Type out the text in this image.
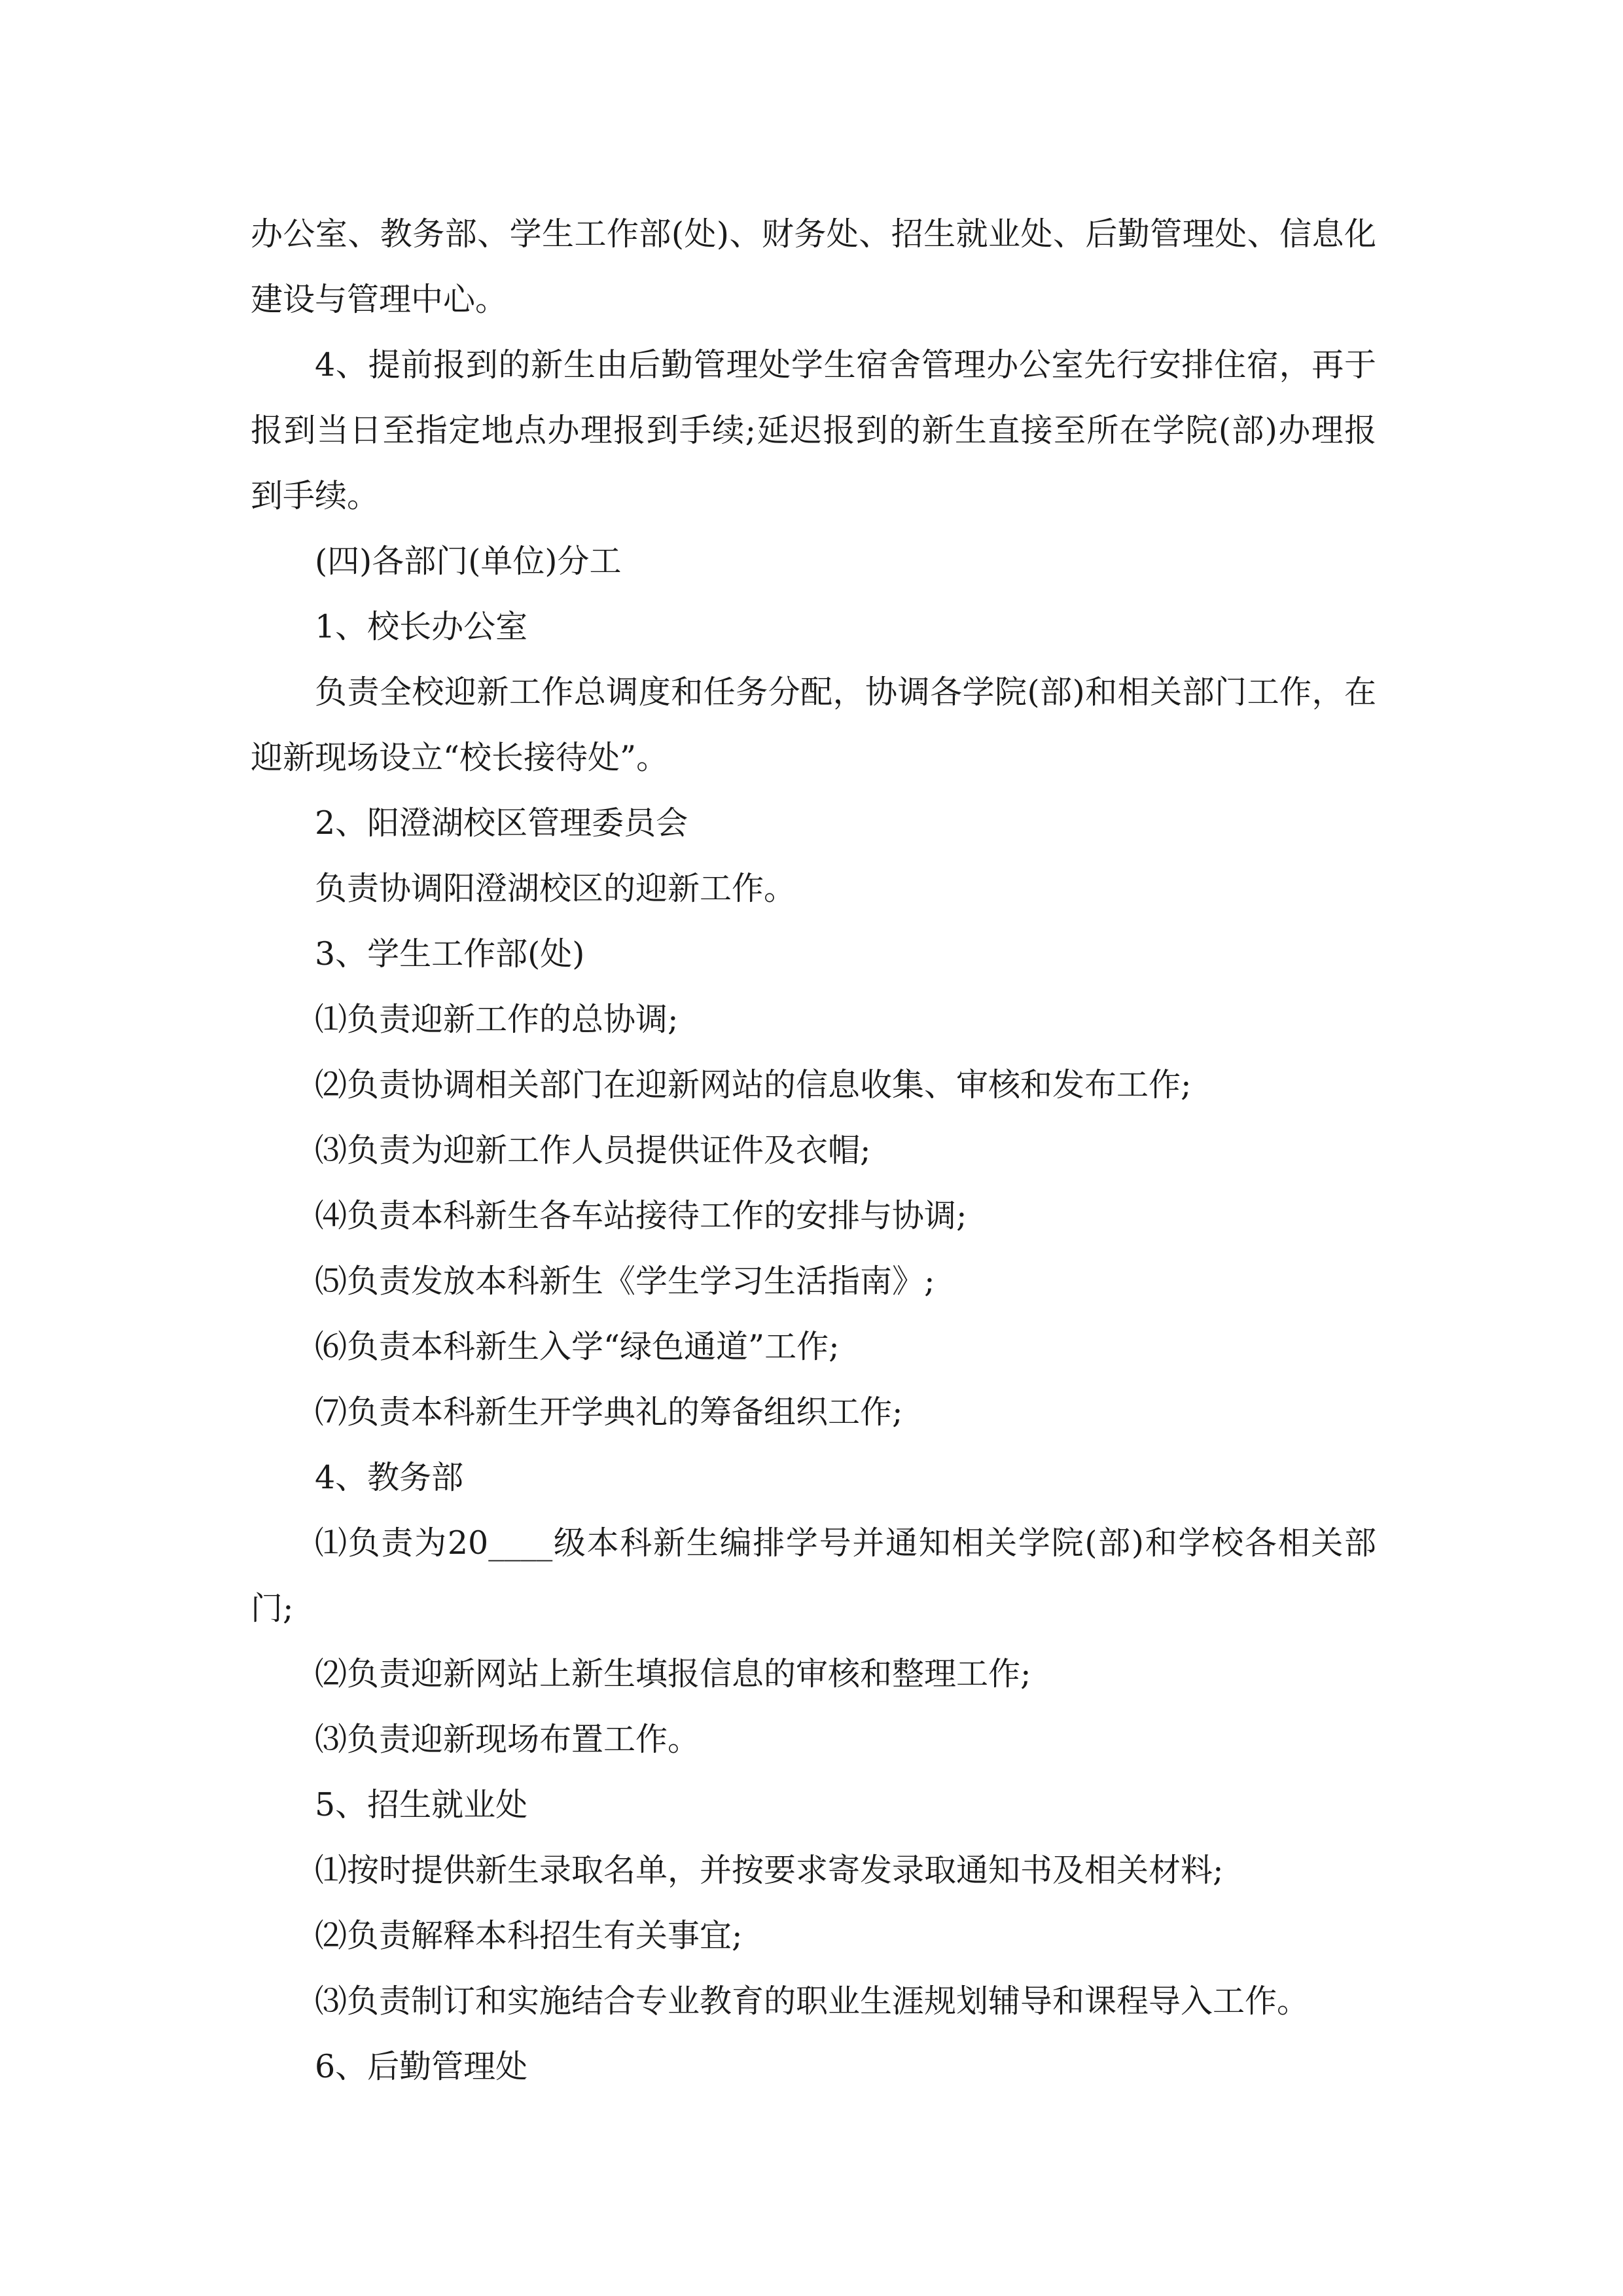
办公室、教务部、学生工作部(处)、财务处、招生就业处、后勤管理处、信息化建设与管理中心。

4、提前报到的新生由后勤管理处学生宿舍管理办公室先行安排住宿，再于报到当日至指定地点办理报到手续;延迟报到的新生直接至所在学院(部)办理报到手续。

(四)各部门(单位)分工

1、校长办公室

负责全校迎新工作总调度和任务分配，协调各学院(部)和相关部门工作，在迎新现场设立“校长接待处”。

2、阳澄湖校区管理委员会

负责协调阳澄湖校区的迎新工作。

3、学生工作部(处)

⑴负责迎新工作的总协调;

⑵负责协调相关部门在迎新网站的信息收集、审核和发布工作;

⑶负责为迎新工作人员提供证件及衣帽;

⑷负责本科新生各车站接待工作的安排与协调;

⑸负责发放本科新生《学生学习生活指南》;

⑹负责本科新生入学“绿色通道”工作;

⑺负责本科新生开学典礼的筹备组织工作;

4、教务部

⑴负责为20____级本科新生编排学号并通知相关学院(部)和学校各相关部门;

⑵负责迎新网站上新生填报信息的审核和整理工作;

⑶负责迎新现场布置工作。

5、招生就业处

⑴按时提供新生录取名单，并按要求寄发录取通知书及相关材料;

⑵负责解释本科招生有关事宜;

⑶负责制订和实施结合专业教育的职业生涯规划辅导和课程导入工作。

6、后勤管理处
